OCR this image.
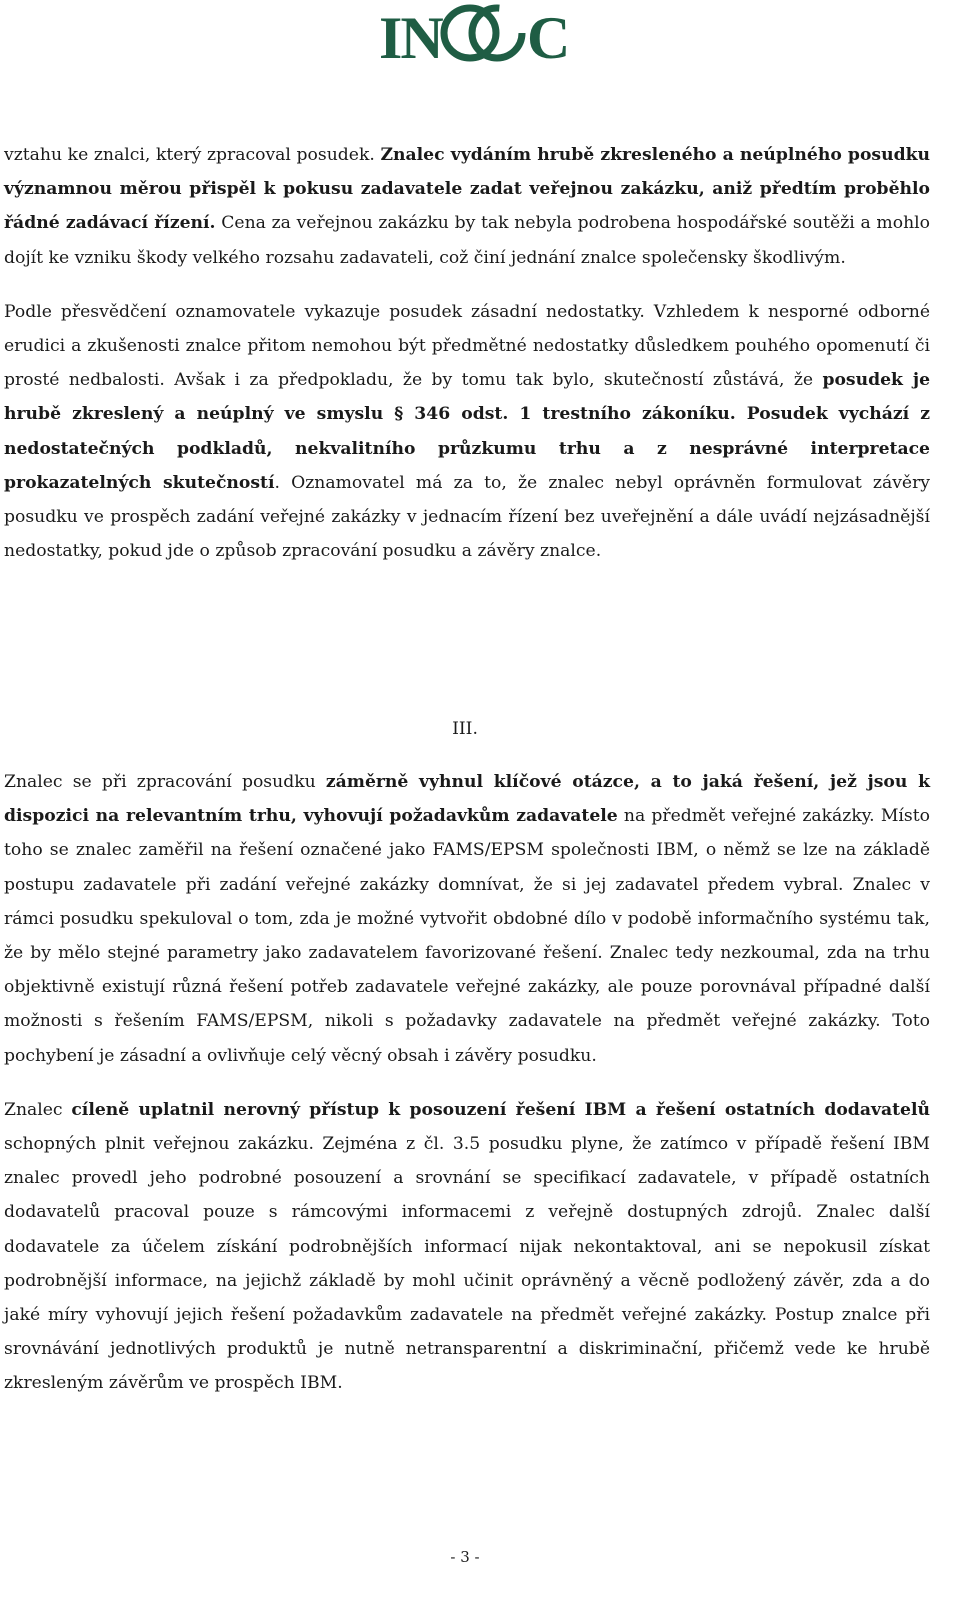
IN C

vztahu ke znalci, který zpracoval posudek. Znalec vydáním hrubě zkresleného a neúplného posudku významnou měrou přispěl k pokusu zadavatele zadat veřejnou zakázku, aniž předtím proběhlo řádné zadávací řízení. Cena za veřejnou zakázku by tak nebyla podrobena hospodářské soutěži a mohlo dojít ke vzniku škody velkého rozsahu zadavateli, což činí jednání znalce společensky škodlivým.

Podle přesvědčení oznamovatele vykazuje posudek zásadní nedostatky. Vzhledem k nesporné odborné erudici a zkušenosti znalce přitom nemohou být předmětné nedostatky důsledkem pouhého opomenutí či prosté nedbalosti. Avšak i za předpokladu, že by tomu tak bylo, skutečností zůstává, že posudek je hrubě zkreslený a neúplný ve smyslu § 346 odst. 1 trestního zákoníku. Posudek vychází z nedostatečných podkladů, nekvalitního průzkumu trhu a z nesprávné interpretace prokazatelných skutečností. Oznamovatel má za to, že znalec nebyl oprávněn formulovat závěry posudku ve prospěch zadání veřejné zakázky v jednacím řízení bez uveřejnění a dále uvádí nejzásadnější nedostatky, pokud jde o způsob zpracování posudku a závěry znalce.

III.

Znalec se při zpracování posudku záměrně vyhnul klíčové otázce, a to jaká řešení, jež jsou k dispozici na relevantním trhu, vyhovují požadavkům zadavatele na předmět veřejné zakázky. Místo toho se znalec zaměřil na řešení označené jako FAMS/EPSM společnosti IBM, o němž se lze na základě postupu zadavatele při zadání veřejné zakázky domnívat, že si jej zadavatel předem vybral. Znalec v rámci posudku spekuloval o tom, zda je možné vytvořit obdobné dílo v podobě informačního systému tak, že by mělo stejné parametry jako zadavatelem favorizované řešení. Znalec tedy nezkoumal, zda na trhu objektivně existují různá řešení potřeb zadavatele veřejné zakázky, ale pouze porovnával případné další možnosti s řešením FAMS/EPSM, nikoli s požadavky zadavatele na předmět veřejné zakázky. Toto pochybení je zásadní a ovlivňuje celý věcný obsah i závěry posudku.

Znalec cíleně uplatnil nerovný přístup k posouzení řešení IBM a řešení ostatních dodavatelů schopných plnit veřejnou zakázku. Zejména z čl. 3.5 posudku plyne, že zatímco v případě řešení IBM znalec provedl jeho podrobné posouzení a srovnání se specifikací zadavatele, v případě ostatních dodavatelů pracoval pouze s rámcovými informacemi z veřejně dostupných zdrojů. Znalec další dodavatele za účelem získání podrobnějších informací nijak nekontaktoval, ani se nepokusil získat podrobnější informace, na jejichž základě by mohl učinit oprávněný a věcně podložený závěr, zda a do jaké míry vyhovují jejich řešení požadavkům zadavatele na předmět veřejné zakázky. Postup znalce při srovnávání jednotlivých produktů je nutně netransparentní a diskriminační, přičemž vede ke hrubě zkresleným závěrům ve prospěch IBM.

- 3 -
